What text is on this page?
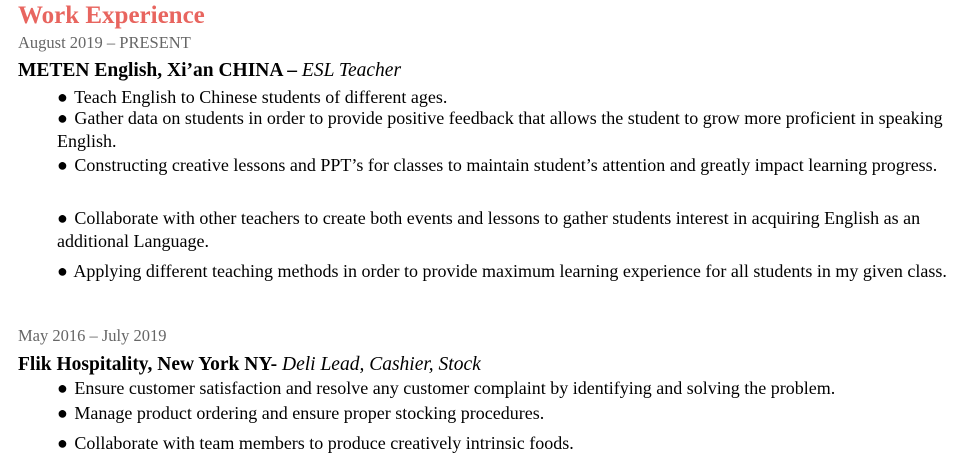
Work Experience
August 2019 – PRESENT
METEN English, Xi’an CHINA – ESL Teacher
● Teach English to Chinese students of different ages.
● Gather data on students in order to provide positive feedback that allows the student to grow more proficient in speaking English.
● Constructing creative lessons and PPT’s for classes to maintain student’s attention and greatly impact learning progress.
● Collaborate with other teachers to create both events and lessons to gather students interest in acquiring English as an additional Language.
● Applying different teaching methods in order to provide maximum learning experience for all students in my given class.
May 2016 – July 2019
Flik Hospitality, New York NY- Deli Lead, Cashier, Stock
● Ensure customer satisfaction and resolve any customer complaint by identifying and solving the problem.
● Manage product ordering and ensure proper stocking procedures.
● Collaborate with team members to produce creatively intrinsic foods.
